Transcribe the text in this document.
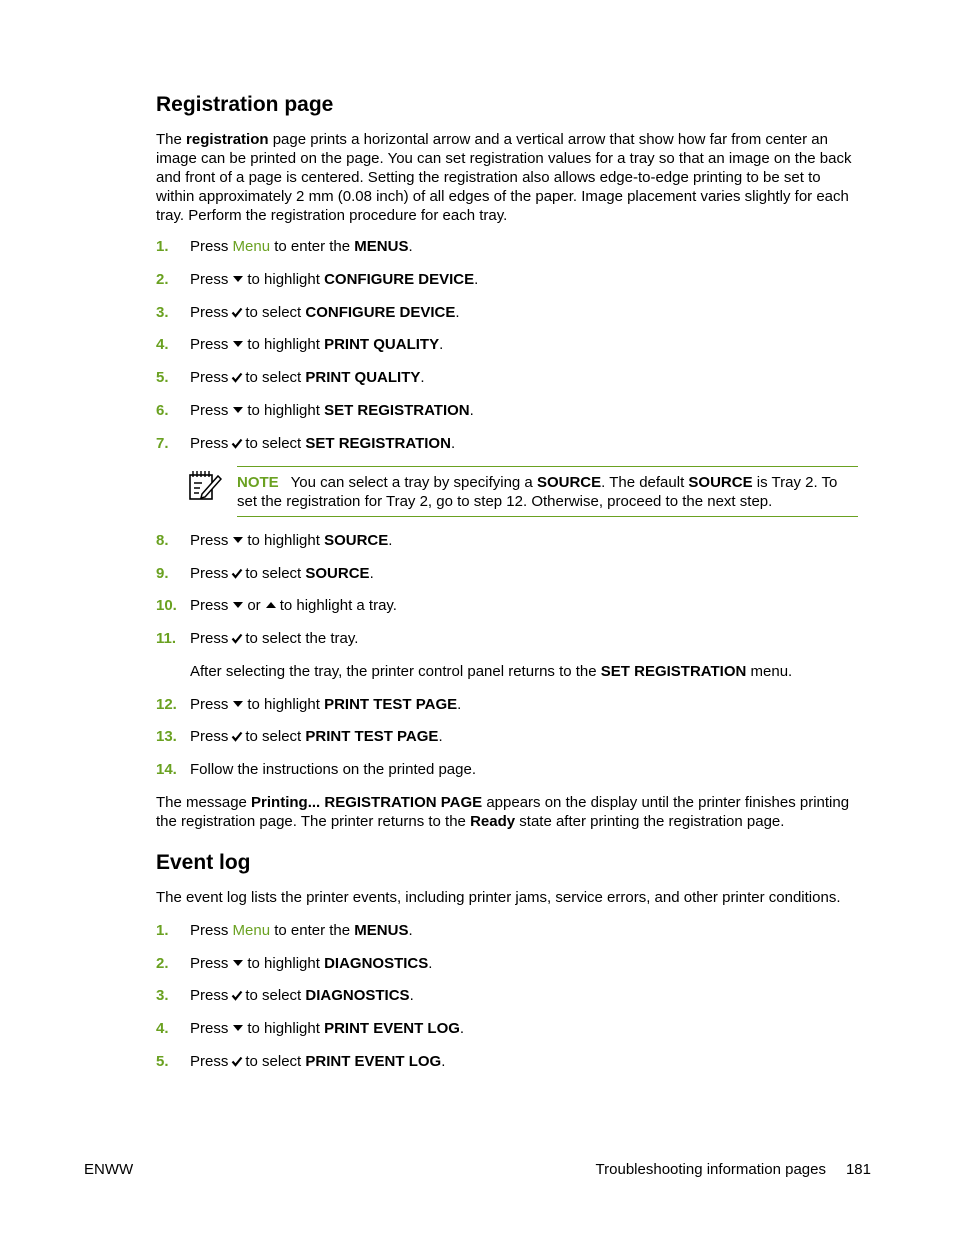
Registration page

The registration page prints a horizontal arrow and a vertical arrow that show how far from center an image can be printed on the page. You can set registration values for a tray so that an image on the back and front of a page is centered. Setting the registration also allows edge-to-edge printing to be set to within approximately 2 mm (0.08 inch) of all edges of the paper. Image placement varies slightly for each tray. Perform the registration procedure for each tray.

1. Press Menu to enter the MENUS.
2. Press to highlight CONFIGURE DEVICE.
3. Press to select CONFIGURE DEVICE.
4. Press to highlight PRINT QUALITY.
5. Press to select PRINT QUALITY.
6. Press to highlight SET REGISTRATION.
7. Press to select SET REGISTRATION.
NOTE You can select a tray by specifying a SOURCE. The default SOURCE is Tray 2. To set the registration for Tray 2, go to step 12. Otherwise, proceed to the next step.
8. Press to highlight SOURCE.
9. Press to select SOURCE.
10. Press or to highlight a tray.
11. Press to select the tray.

After selecting the tray, the printer control panel returns to the SET REGISTRATION menu.

12. Press to highlight PRINT TEST PAGE.
13. Press to select PRINT TEST PAGE.
14. Follow the instructions on the printed page.

The message Printing... REGISTRATION PAGE appears on the display until the printer finishes printing the registration page. The printer returns to the Ready state after printing the registration page.

Event log

The event log lists the printer events, including printer jams, service errors, and other printer conditions.

1. Press Menu to enter the MENUS.
2. Press to highlight DIAGNOSTICS.
3. Press to select DIAGNOSTICS.
4. Press to highlight PRINT EVENT LOG.
5. Press to select PRINT EVENT LOG.
ENWW	Troubleshooting information pages 181
